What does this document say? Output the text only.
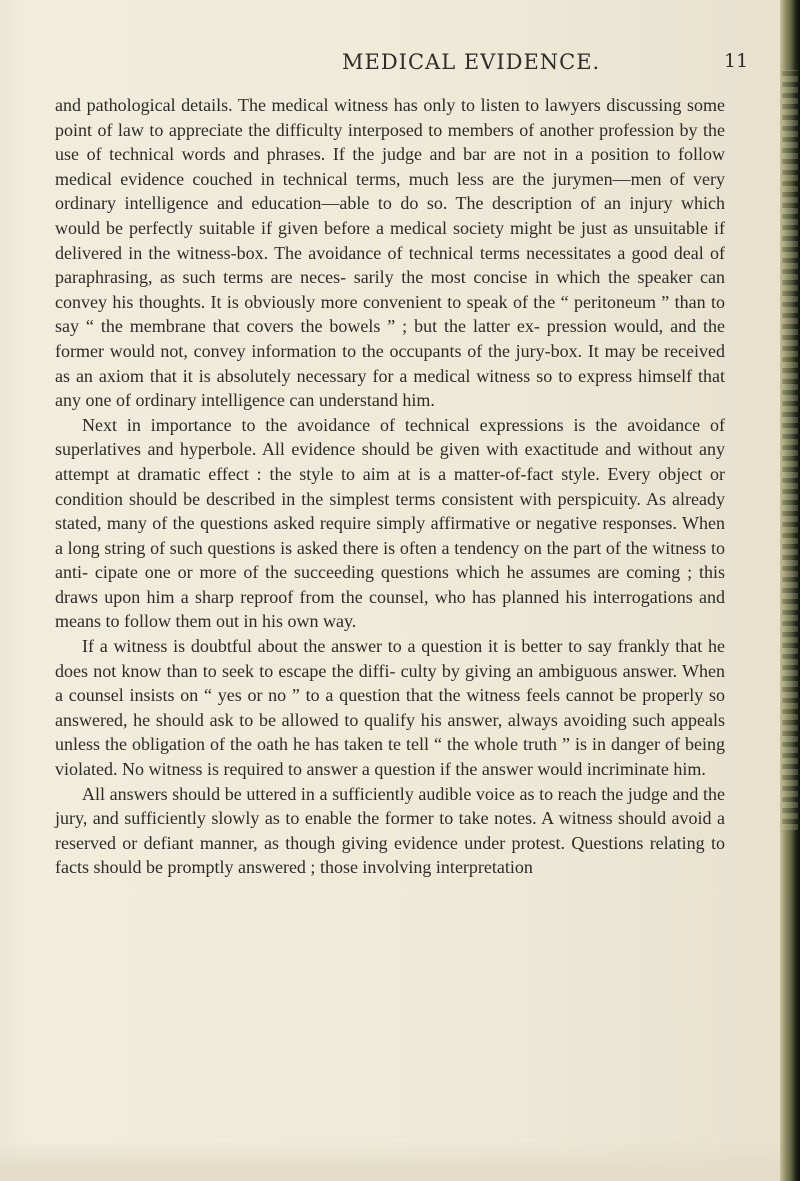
MEDICAL EVIDENCE.	11

and pathological details. The medical witness has only to listen to lawyers discussing some point of law to appreciate the difficulty interposed to members of another profession by the use of technical words and phrases. If the judge and bar are not in a position to follow medical evidence couched in technical terms, much less are the jurymen—men of very ordinary intelligence and education—able to do so. The description of an injury which would be perfectly suitable if given before a medical society might be just as unsuitable if delivered in the witness-box. The avoidance of technical terms necessitates a good deal of paraphrasing, as such terms are neces- sarily the most concise in which the speaker can convey his thoughts. It is obviously more convenient to speak of the “ peritoneum ” than to say “ the membrane that covers the bowels ” ; but the latter ex- pression would, and the former would not, convey information to the occupants of the jury-box. It may be received as an axiom that it is absolutely necessary for a medical witness so to express himself that any one of ordinary intelligence can understand him.

Next in importance to the avoidance of technical expressions is the avoidance of superlatives and hyperbole. All evidence should be given with exactitude and without any attempt at dramatic effect : the style to aim at is a matter-of-fact style. Every object or condition should be described in the simplest terms consistent with perspicuity. As already stated, many of the questions asked require simply affirmative or negative responses. When a long string of such questions is asked there is often a tendency on the part of the witness to anti- cipate one or more of the succeeding questions which he assumes are coming ; this draws upon him a sharp reproof from the counsel, who has planned his interrogations and means to follow them out in his own way.

If a witness is doubtful about the answer to a question it is better to say frankly that he does not know than to seek to escape the diffi- culty by giving an ambiguous answer. When a counsel insists on “ yes or no ” to a question that the witness feels cannot be properly so answered, he should ask to be allowed to qualify his answer, always avoiding such appeals unless the obligation of the oath he has taken te tell “ the whole truth ” is in danger of being violated. No witness is required to answer a question if the answer would incriminate him.

All answers should be uttered in a sufficiently audible voice as to reach the judge and the jury, and sufficiently slowly as to enable the former to take notes. A witness should avoid a reserved or defiant manner, as though giving evidence under protest. Questions relating to facts should be promptly answered ; those involving interpretation
